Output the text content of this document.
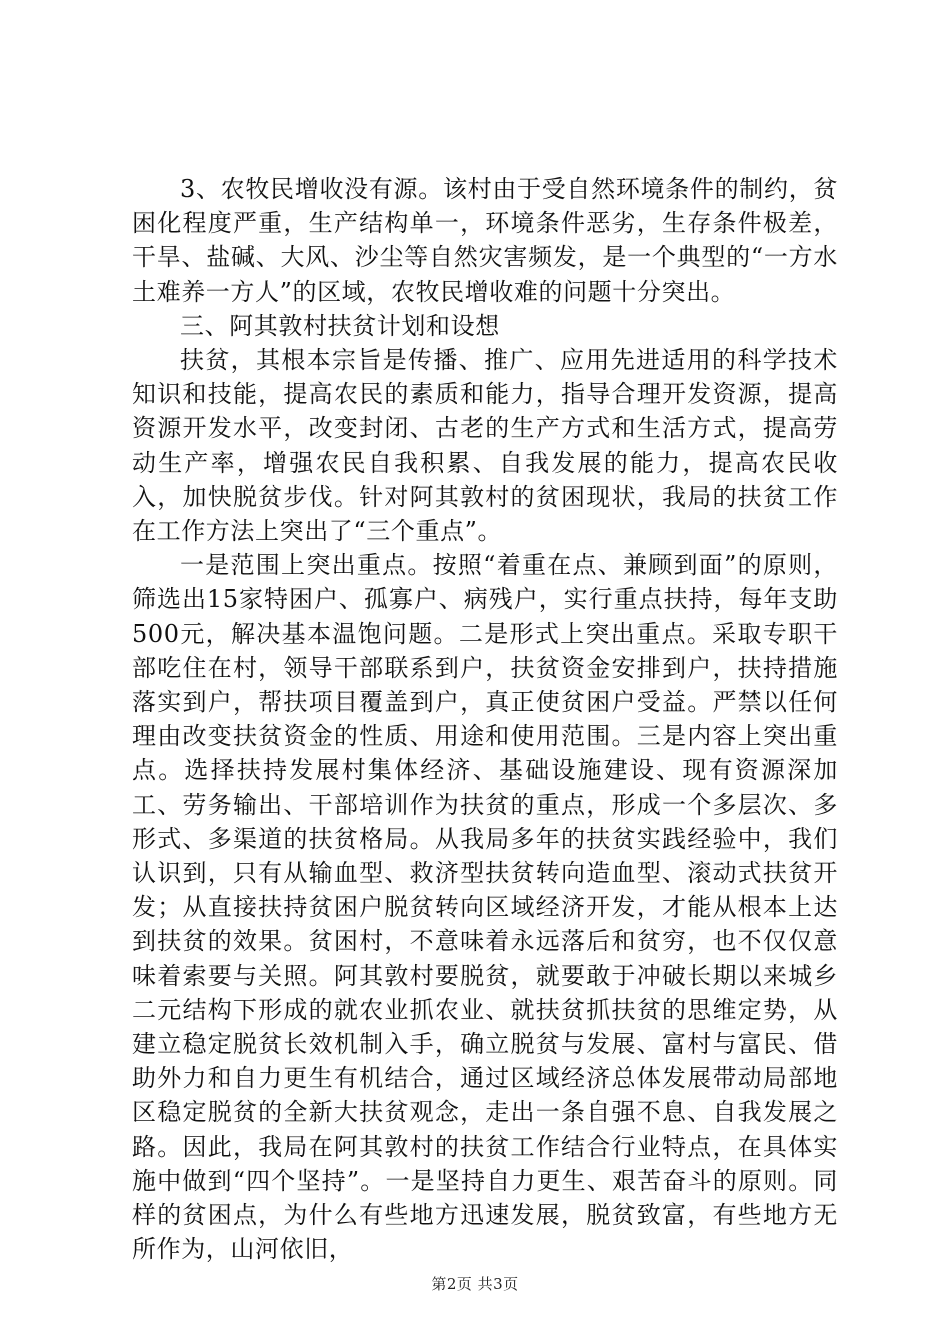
3、农牧民增收没有源。该村由于受自然环境条件的制约，贫困化程度严重，生产结构单一，环境条件恶劣，生存条件极差，干旱、盐碱、大风、沙尘等自然灾害频发，是一个典型的“一方水土难养一方人”的区域，农牧民增收难的问题十分突出。

三、阿其敦村扶贫计划和设想

扶贫，其根本宗旨是传播、推广、应用先进适用的科学技术知识和技能，提高农民的素质和能力，指导合理开发资源，提高资源开发水平，改变封闭、古老的生产方式和生活方式，提高劳动生产率，增强农民自我积累、自我发展的能力，提高农民收入，加快脱贫步伐。针对阿其敦村的贫困现状，我局的扶贫工作在工作方法上突出了“三个重点”。

一是范围上突出重点。按照“着重在点、兼顾到面”的原则，筛选出15家特困户、孤寡户、病残户，实行重点扶持，每年支助500元，解决基本温饱问题。二是形式上突出重点。采取专职干部吃住在村，领导干部联系到户，扶贫资金安排到户，扶持措施落实到户，帮扶项目覆盖到户，真正使贫困户受益。严禁以任何理由改变扶贫资金的性质、用途和使用范围。三是内容上突出重点。选择扶持发展村集体经济、基础设施建设、现有资源深加工、劳务输出、干部培训作为扶贫的重点，形成一个多层次、多形式、多渠道的扶贫格局。从我局多年的扶贫实践经验中，我们认识到，只有从输血型、救济型扶贫转向造血型、滚动式扶贫开发；从直接扶持贫困户脱贫转向区域经济开发，才能从根本上达到扶贫的效果。贫困村，不意味着永远落后和贫穷，也不仅仅意味着索要与关照。阿其敦村要脱贫，就要敢于冲破长期以来城乡二元结构下形成的就农业抓农业、就扶贫抓扶贫的思维定势，从建立稳定脱贫长效机制入手，确立脱贫与发展、富村与富民、借助外力和自力更生有机结合，通过区域经济总体发展带动局部地区稳定脱贫的全新大扶贫观念，走出一条自强不息、自我发展之路。因此，我局在阿其敦村的扶贫工作结合行业特点，在具体实施中做到“四个坚持”。一是坚持自力更生、艰苦奋斗的原则。同样的贫困点，为什么有些地方迅速发展，脱贫致富，有些地方无所作为，山河依旧，

第2页 共3页
